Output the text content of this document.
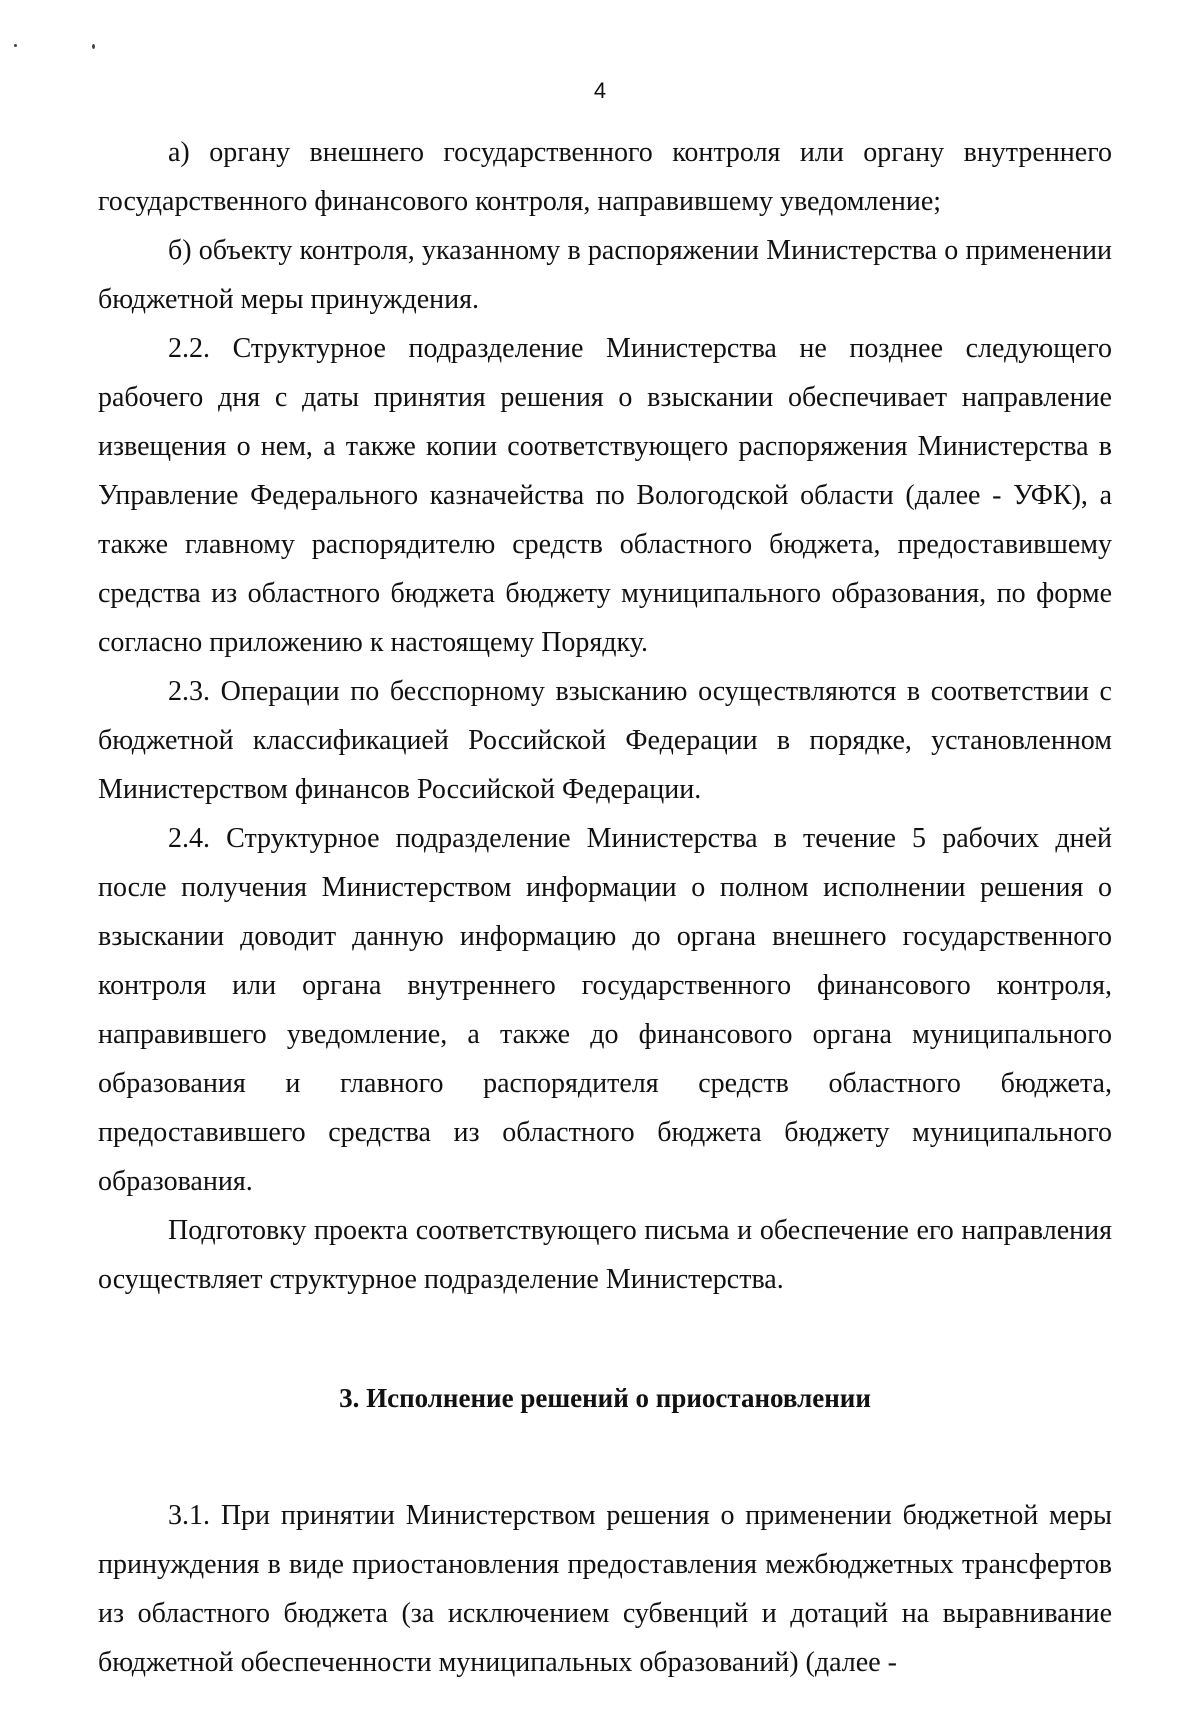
4

а) органу внешнего государственного контроля или органу внутреннего государственного финансового контроля, направившему уведомление;

б) объекту контроля, указанному в распоряжении Министерства о применении бюджетной меры принуждения.

2.2. Структурное подразделение Министерства не позднее следующего рабочего дня с даты принятия решения о взыскании обеспечивает направление извещения о нем, а также копии соответствующего распоряжения Министерства в Управление Федерального казначейства по Вологодской области (далее - УФК), а также главному распорядителю средств областного бюджета, предоставившему средства из областного бюджета бюджету муниципального образования, по форме согласно приложению к настоящему Порядку.

2.3. Операции по бесспорному взысканию осуществляются в соответствии с бюджетной классификацией Российской Федерации в порядке, установленном Министерством финансов Российской Федерации.

2.4. Структурное подразделение Министерства в течение 5 рабочих дней после получения Министерством информации о полном исполнении решения о взыскании доводит данную информацию до органа внешнего государственного контроля или органа внутреннего государственного финансового контроля, направившего уведомление, а также до финансового органа муниципального образования и главного распорядителя средств областного бюджета, предоставившего средства из областного бюджета бюджету муниципального образования.

Подготовку проекта соответствующего письма и обеспечение его направления осуществляет структурное подразделение Министерства.

3. Исполнение решений о приостановлении

3.1. При принятии Министерством решения о применении бюджетной меры принуждения в виде приостановления предоставления межбюджетных трансфертов из областного бюджета (за исключением субвенций и дотаций на выравнивание бюджетной обеспеченности муниципальных образований) (далее -
